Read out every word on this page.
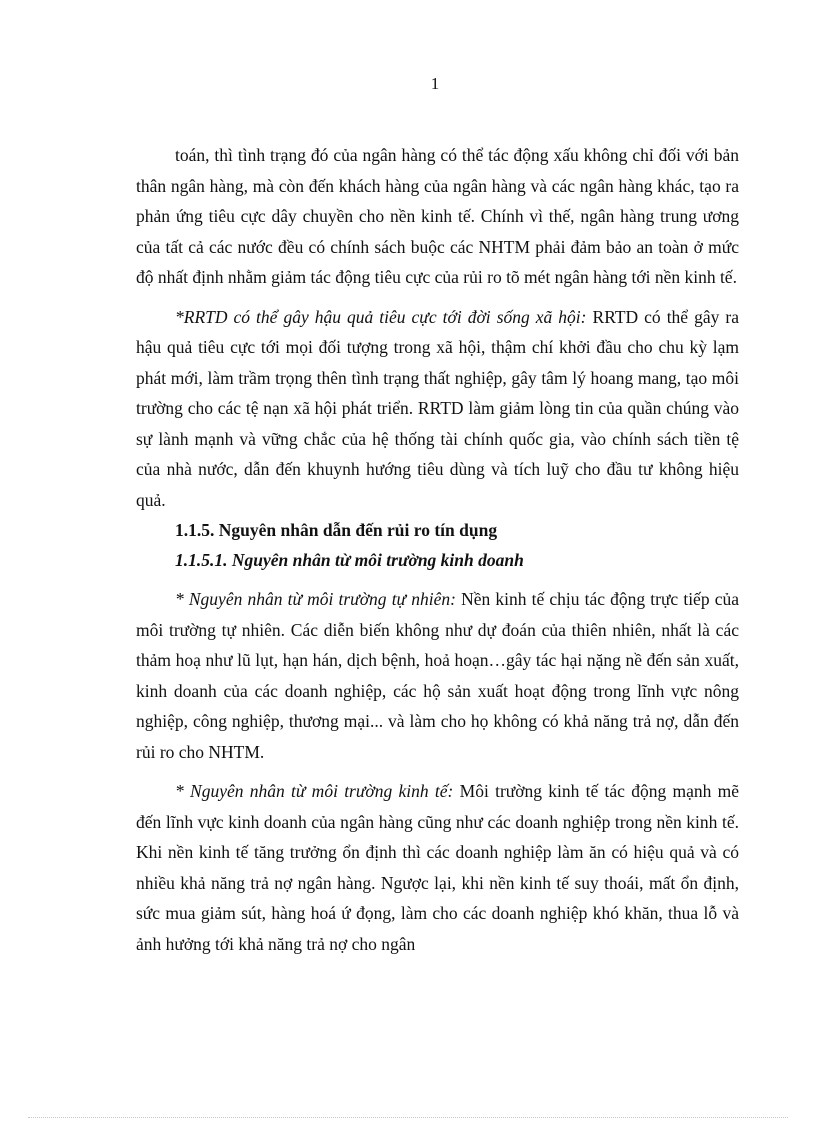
1

toán, thì tình trạng đó của ngân hàng có thể tác động xấu không chỉ đối với bản thân ngân hàng, mà còn đến khách hàng của ngân hàng và các ngân hàng khác, tạo ra phản ứng tiêu cực dây chuyền cho nền kinh tế. Chính vì thế, ngân hàng trung ương của tất cả các nước đều có chính sách buộc các NHTM phải đảm bảo an toàn ở mức độ nhất định nhằm giảm tác động tiêu cực của rủi ro tõ mét ngân hàng tới nền kinh tế.

*RRTD có thể gây hậu quả tiêu cực tới đời sống xã hội: RRTD có thể gây ra hậu quả tiêu cực tới mọi đối tượng trong xã hội, thậm chí khởi đầu cho chu kỳ lạm phát mới, làm trầm trọng thên tình trạng thất nghiệp, gây tâm lý hoang mang, tạo môi trường cho các tệ nạn xã hội phát triển. RRTD làm giảm lòng tin của quần chúng vào sự lành mạnh và vững chắc của hệ thống tài chính quốc gia, vào chính sách tiền tệ của nhà nước, dẫn đến khuynh hướng tiêu dùng và tích luỹ cho đầu tư không hiệu quả.

1.1.5. Nguyên nhân dẫn đến rủi ro tín dụng

1.1.5.1. Nguyên nhân từ môi trường kinh doanh

* Nguyên nhân từ môi trường tự nhiên: Nền kinh tế chịu tác động trực tiếp của môi trường tự nhiên. Các diễn biến không như dự đoán của thiên nhiên, nhất là các thảm hoạ như lũ lụt, hạn hán, dịch bệnh, hoả hoạn…gây tác hại nặng nề đến sản xuất, kinh doanh của các doanh nghiệp, các hộ sản xuất hoạt động trong lĩnh vực nông nghiệp, công nghiệp, thương mại... và làm cho họ không có khả năng trả nợ, dẫn đến rủi ro cho NHTM.

* Nguyên nhân từ môi trường kinh tế: Môi trường kinh tế tác động mạnh mẽ đến lĩnh vực kinh doanh của ngân hàng cũng như các doanh nghiệp trong nền kinh tế. Khi nền kinh tế tăng trưởng ổn định thì các doanh nghiệp làm ăn có hiệu quả và có nhiều khả năng trả nợ ngân hàng. Ngược lại, khi nền kinh tế suy thoái, mất ổn định, sức mua giảm sút, hàng hoá ứ đọng, làm cho các doanh nghiệp khó khăn, thua lỗ và ảnh hưởng tới khả năng trả nợ cho ngân
